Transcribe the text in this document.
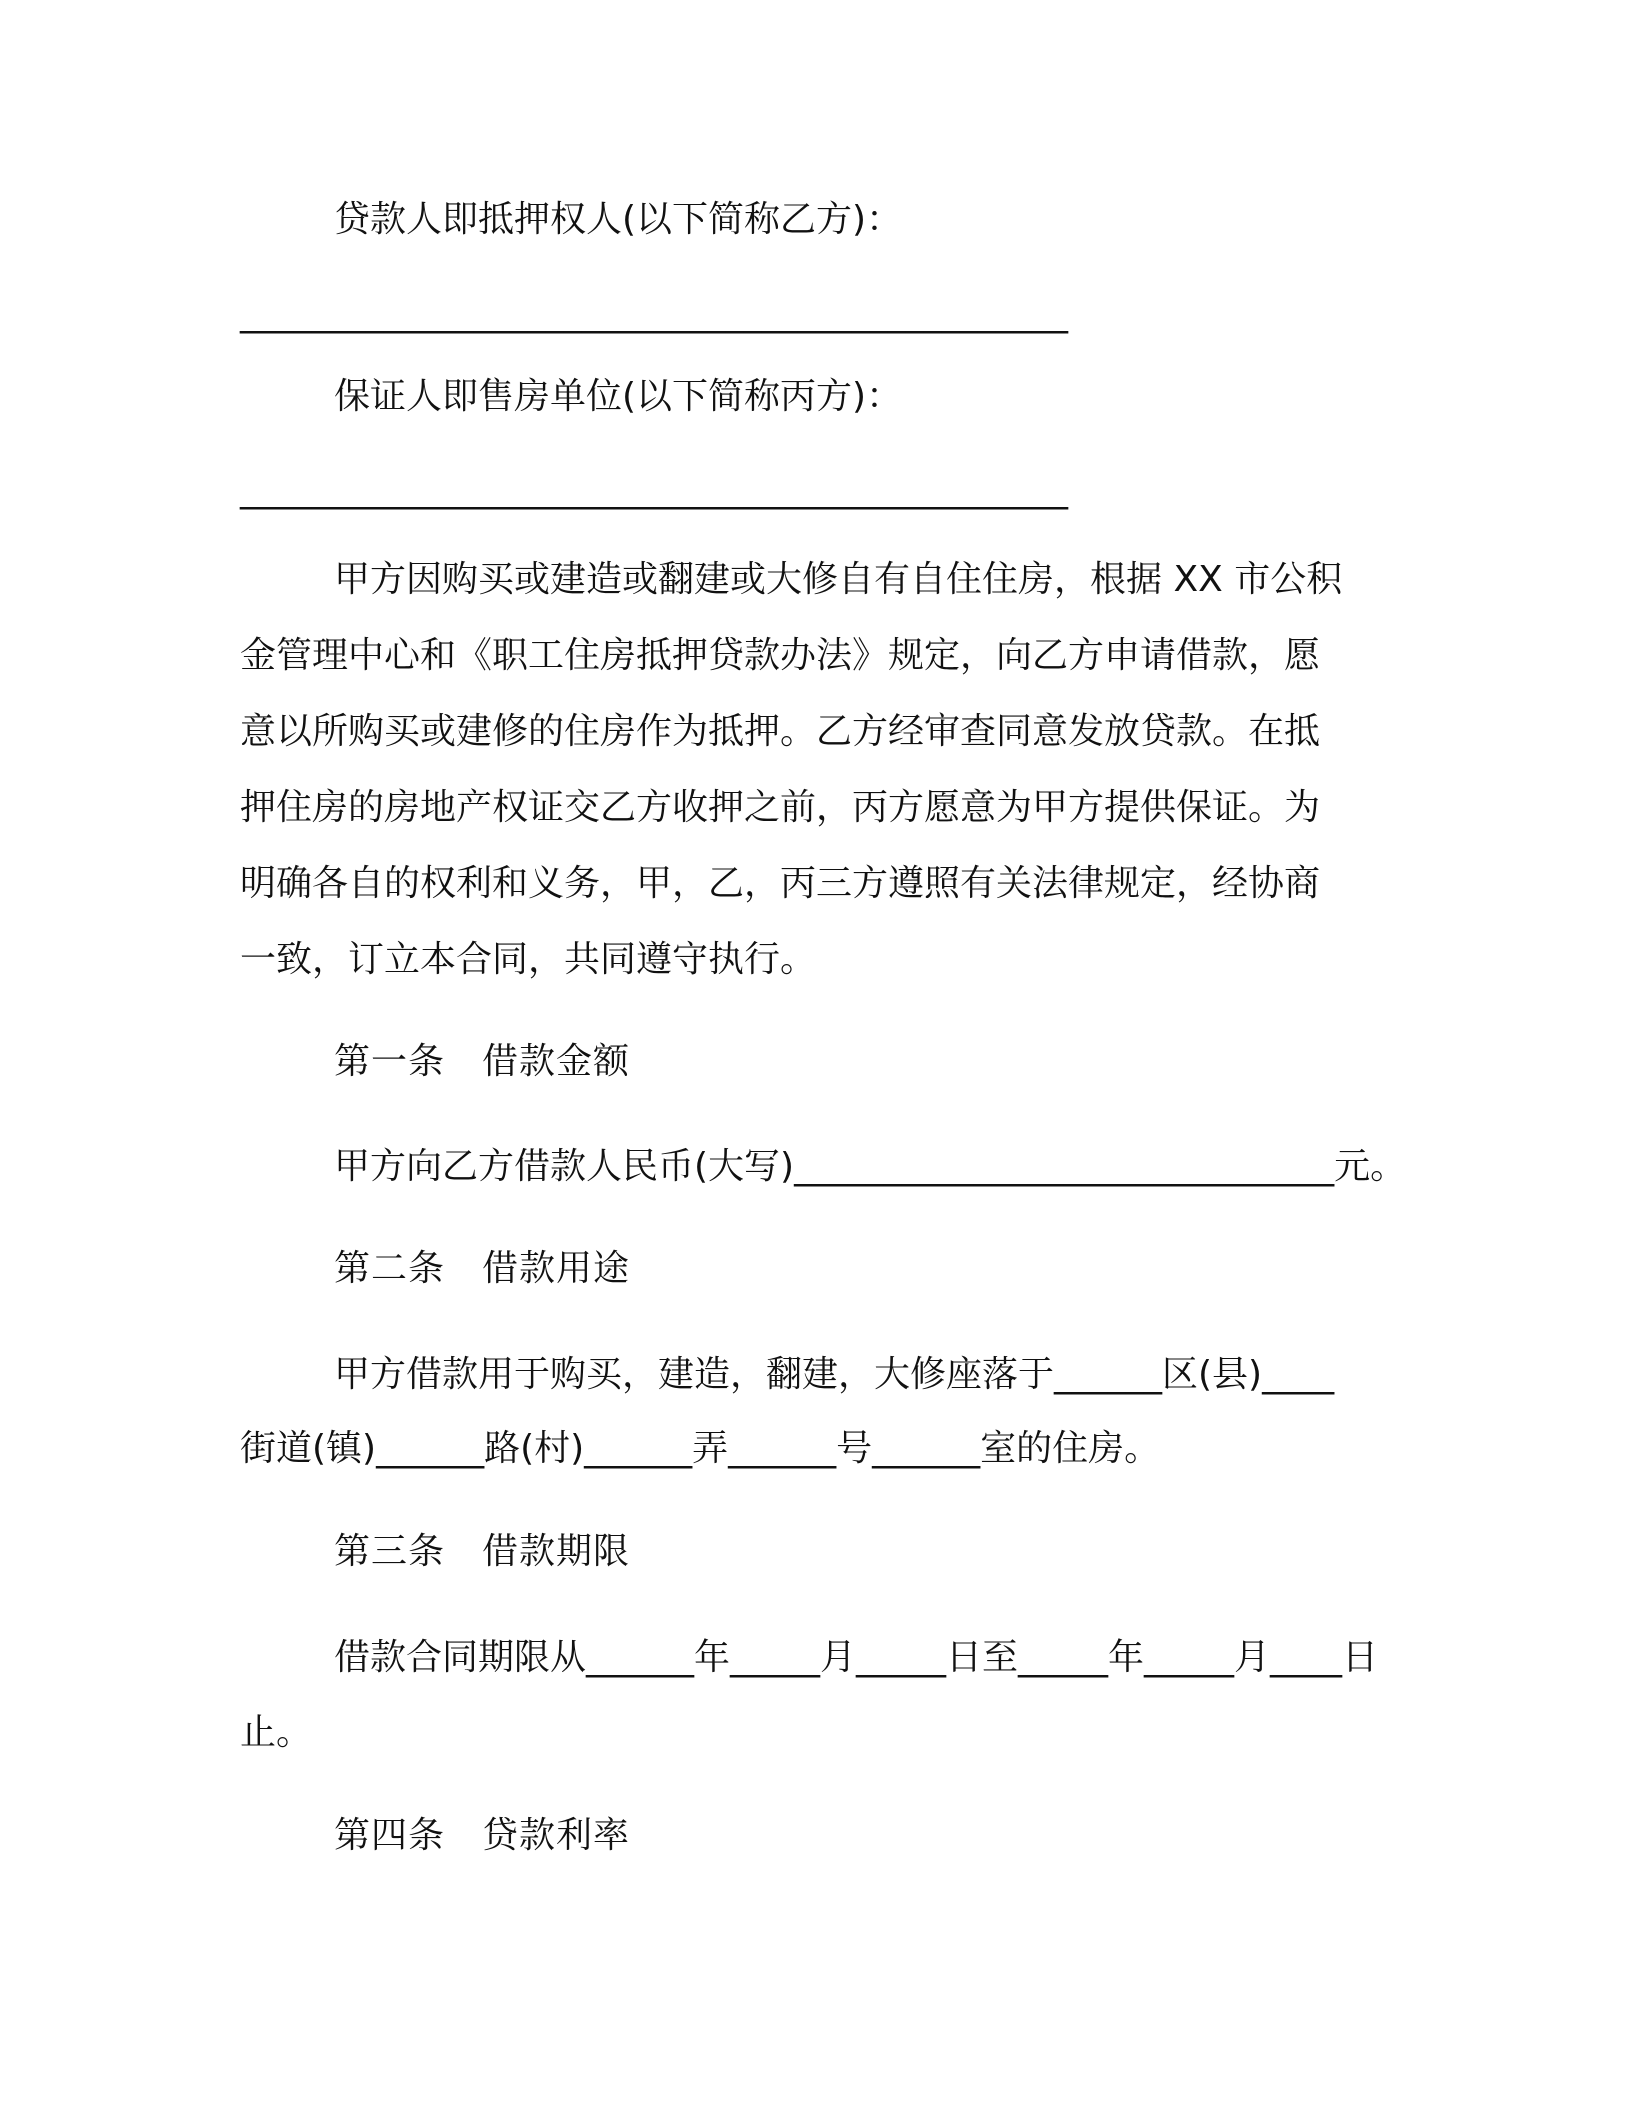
贷款人即抵押权人(以下简称乙方)：
______________________________________________
保证人即售房单位(以下简称丙方)：
______________________________________________
甲方因购买或建造或翻建或大修自有自住住房，根据 XX 市公积
金管理中心和《职工住房抵押贷款办法》规定，向乙方申请借款，愿
意以所购买或建修的住房作为抵押。乙方经审查同意发放贷款。在抵
押住房的房地产权证交乙方收押之前，丙方愿意为甲方提供保证。为
明确各自的权利和义务，甲，乙，丙三方遵照有关法律规定，经协商
一致，订立本合同，共同遵守执行。
第一条　借款金额
甲方向乙方借款人民币(大写)______________________________元。
第二条　借款用途
甲方借款用于购买，建造，翻建，大修座落于______区(县)____
街道(镇)______路(村)______弄______号______室的住房。
第三条　借款期限
借款合同期限从______年_____月_____日至_____年_____月____日
止。
第四条　贷款利率
